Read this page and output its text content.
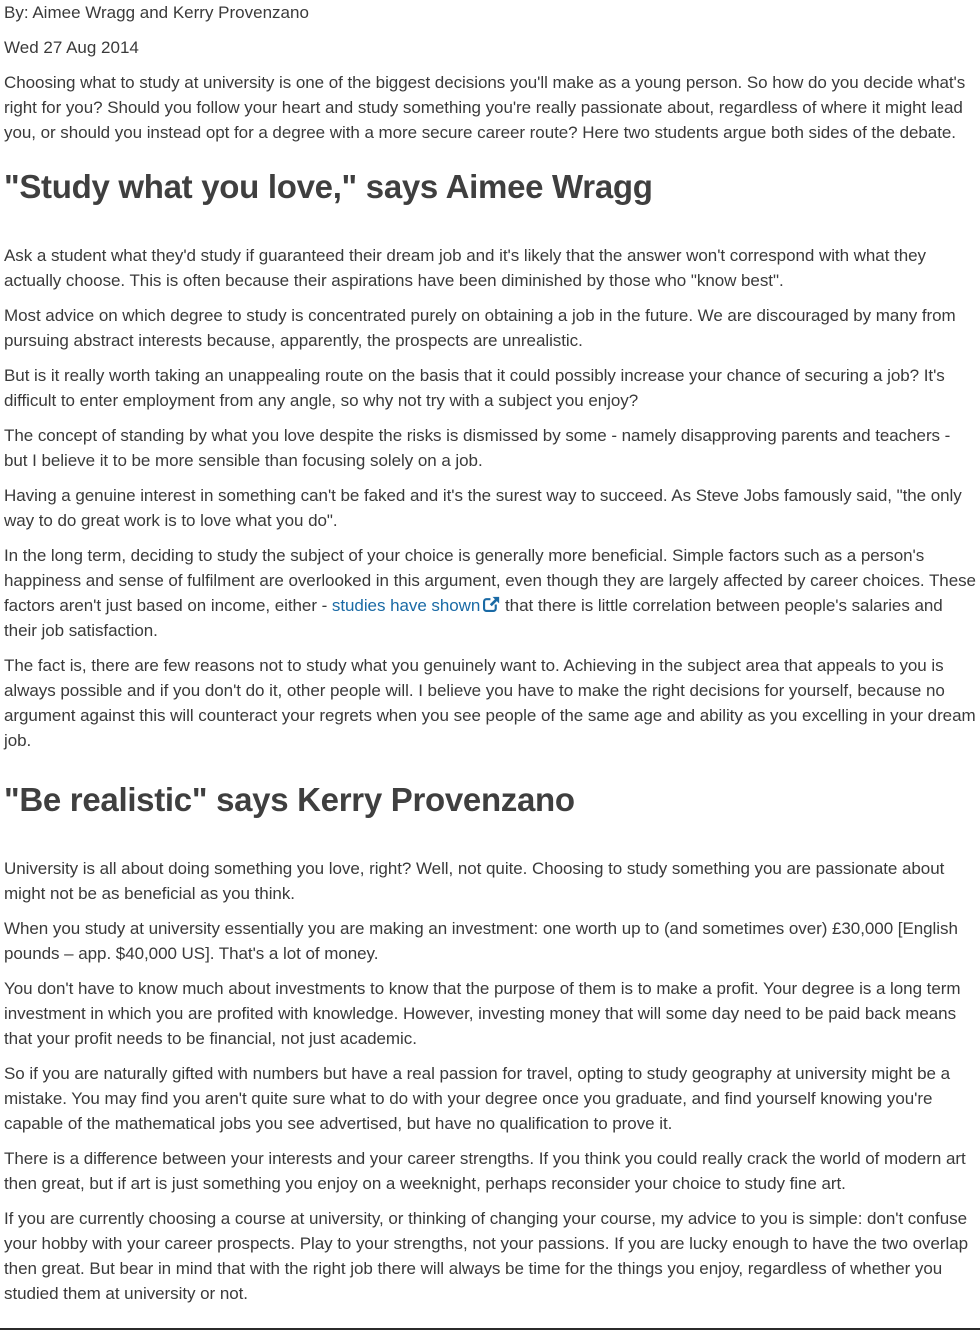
By: Aimee Wragg and Kerry Provenzano
Wed 27 Aug 2014

Choosing what to study at university is one of the biggest decisions you'll make as a young person. So how do you decide what's right for you? Should you follow your heart and study something you're really passionate about, regardless of where it might lead you, or should you instead opt for a degree with a more secure career route? Here two students argue both sides of the debate.

"Study what you love," says Aimee Wragg

Ask a student what they'd study if guaranteed their dream job and it's likely that the answer won't correspond with what they actually choose. This is often because their aspirations have been diminished by those who "know best".

Most advice on which degree to study is concentrated purely on obtaining a job in the future. We are discouraged by many from pursuing abstract interests because, apparently, the prospects are unrealistic.

But is it really worth taking an unappealing route on the basis that it could possibly increase your chance of securing a job? It's difficult to enter employment from any angle, so why not try with a subject you enjoy?

The concept of standing by what you love despite the risks is dismissed by some - namely disapproving parents and teachers - but I believe it to be more sensible than focusing solely on a job.

Having a genuine interest in something can't be faked and it's the surest way to succeed. As Steve Jobs famously said, "the only way to do great work is to love what you do".

In the long term, deciding to study the subject of your choice is generally more beneficial. Simple factors such as a person's happiness and sense of fulfilment are overlooked in this argument, even though they are largely affected by career choices. These factors aren't just based on income, either - studies have shown that there is little correlation between people's salaries and their job satisfaction.

The fact is, there are few reasons not to study what you genuinely want to. Achieving in the subject area that appeals to you is always possible and if you don't do it, other people will. I believe you have to make the right decisions for yourself, because no argument against this will counteract your regrets when you see people of the same age and ability as you excelling in your dream job.

"Be realistic" says Kerry Provenzano

University is all about doing something you love, right? Well, not quite. Choosing to study something you are passionate about might not be as beneficial as you think.

When you study at university essentially you are making an investment: one worth up to (and sometimes over) £30,000 [English pounds – app. $40,000 US]. That's a lot of money.

You don't have to know much about investments to know that the purpose of them is to make a profit. Your degree is a long term investment in which you are profited with knowledge. However, investing money that will some day need to be paid back means that your profit needs to be financial, not just academic.

So if you are naturally gifted with numbers but have a real passion for travel, opting to study geography at university might be a mistake. You may find you aren't quite sure what to do with your degree once you graduate, and find yourself knowing you're capable of the mathematical jobs you see advertised, but have no qualification to prove it.

There is a difference between your interests and your career strengths. If you think you could really crack the world of modern art then great, but if art is just something you enjoy on a weeknight, perhaps reconsider your choice to study fine art.

If you are currently choosing a course at university, or thinking of changing your course, my advice to you is simple: don't confuse your hobby with your career prospects. Play to your strengths, not your passions. If you are lucky enough to have the two overlap then great. But bear in mind that with the right job there will always be time for the things you enjoy, regardless of whether you studied them at university or not.
